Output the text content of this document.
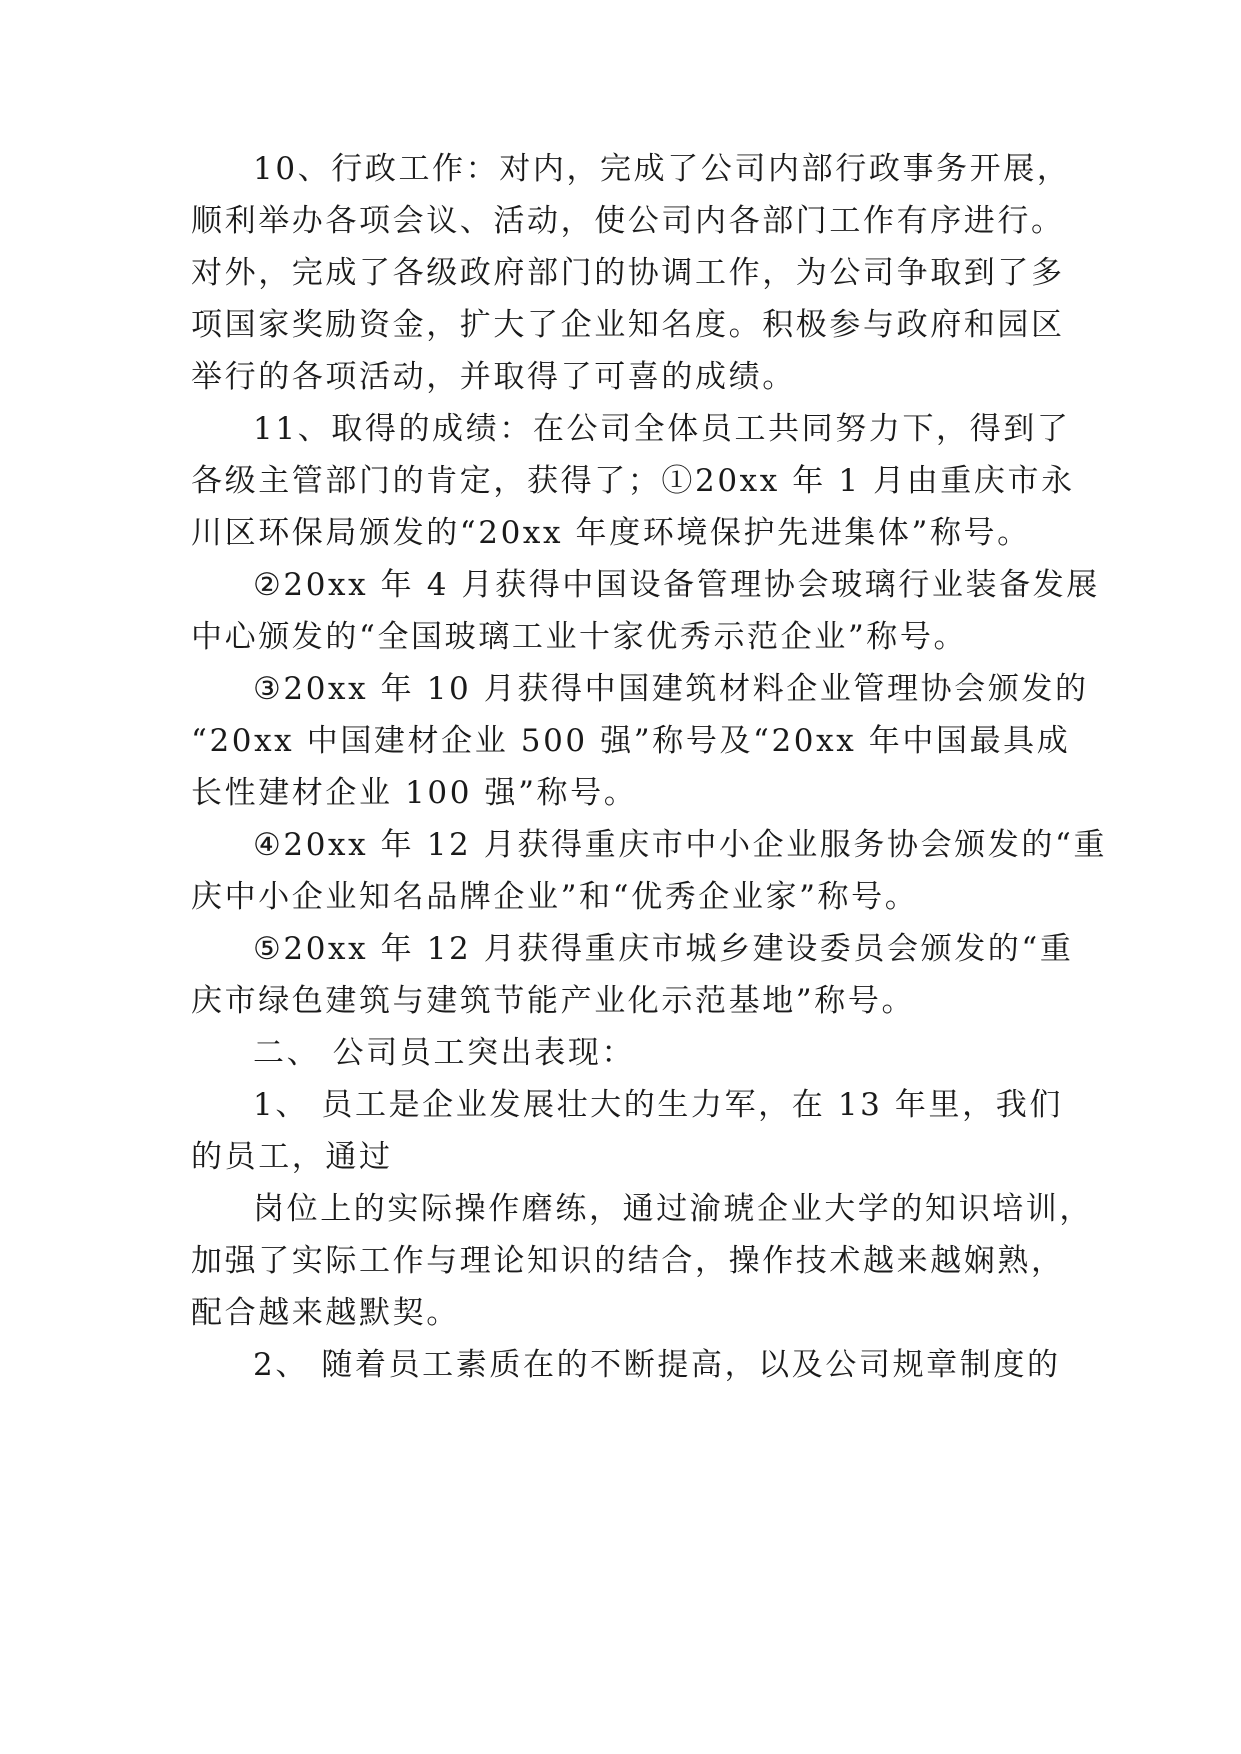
10、行政工作：对内，完成了公司内部行政事务开展，
顺利举办各项会议、活动，使公司内各部门工作有序进行。
对外，完成了各级政府部门的协调工作，为公司争取到了多
项国家奖励资金，扩大了企业知名度。积极参与政府和园区
举行的各项活动，并取得了可喜的成绩。
11、取得的成绩：在公司全体员工共同努力下，得到了
各级主管部门的肯定，获得了；①20xx 年 1 月由重庆市永
川区环保局颁发的“20xx 年度环境保护先进集体”称号。
②20xx 年 4 月获得中国设备管理协会玻璃行业装备发展
中心颁发的“全国玻璃工业十家优秀示范企业”称号。
③20xx 年 10 月获得中国建筑材料企业管理协会颁发的
“20xx 中国建材企业 500 强”称号及“20xx 年中国最具成
长性建材企业 100 强”称号。
④20xx 年 12 月获得重庆市中小企业服务协会颁发的“重
庆中小企业知名品牌企业”和“优秀企业家”称号。
⑤20xx 年 12 月获得重庆市城乡建设委员会颁发的“重
庆市绿色建筑与建筑节能产业化示范基地”称号。
二、 公司员工突出表现：
1、 员工是企业发展壮大的生力军，在 13 年里，我们
的员工，通过
岗位上的实际操作磨练，通过渝琥企业大学的知识培训，
加强了实际工作与理论知识的结合，操作技术越来越娴熟，
配合越来越默契。
2、 随着员工素质在的不断提高，以及公司规章制度的
